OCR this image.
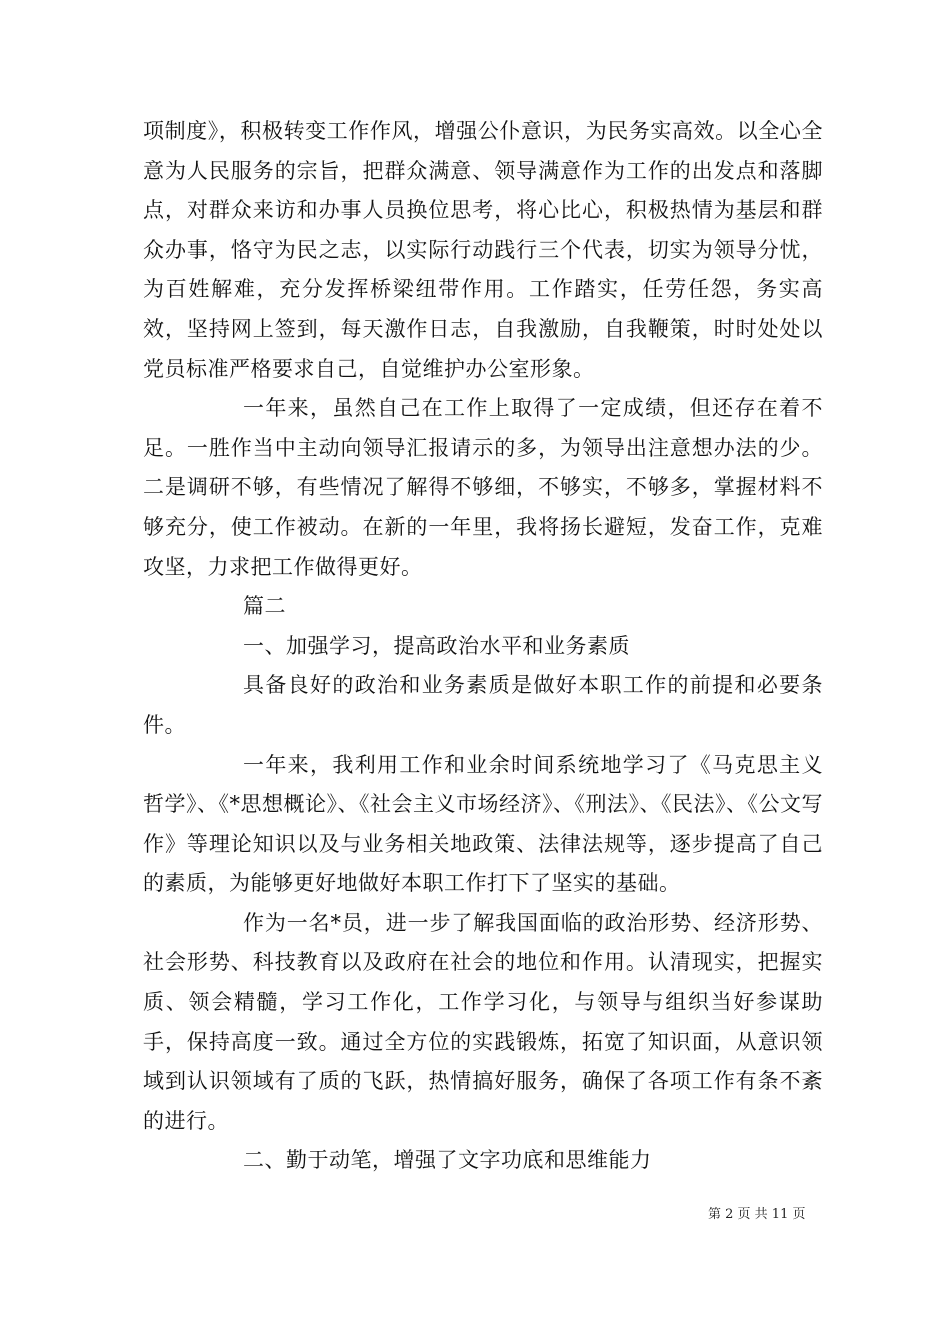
项制度》，积极转变工作作风，增强公仆意识，为民务实高效。以全心全意为人民服务的宗旨，把群众满意、领导满意作为工作的出发点和落脚点，对群众来访和办事人员换位思考，将心比心，积极热情为基层和群众办事，恪守为民之志，以实际行动践行三个代表，切实为领导分忧，为百姓解难，充分发挥桥梁纽带作用。工作踏实，任劳任怨，务实高效，坚持网上签到，每天激作日志，自我激励，自我鞭策，时时处处以党员标准严格要求自己，自觉维护办公室形象。

一年来，虽然自己在工作上取得了一定成绩，但还存在着不足。一胜作当中主动向领导汇报请示的多，为领导出注意想办法的少。二是调研不够，有些情况了解得不够细，不够实，不够多，掌握材料不够充分，使工作被动。在新的一年里，我将扬长避短，发奋工作，克难攻坚，力求把工作做得更好。

篇二

一、加强学习，提高政治水平和业务素质

具备良好的政治和业务素质是做好本职工作的前提和必要条件。

一年来，我利用工作和业余时间系统地学习了《马克思主义哲学》、《*思想概论》、《社会主义市场经济》、《刑法》、《民法》、《公文写作》等理论知识以及与业务相关地政策、法律法规等，逐步提高了自己的素质，为能够更好地做好本职工作打下了坚实的基础。

作为一名*员，进一步了解我国面临的政治形势、经济形势、社会形势、科技教育以及政府在社会的地位和作用。认清现实，把握实质、领会精髓，学习工作化，工作学习化，与领导与组织当好参谋助手，保持高度一致。通过全方位的实践锻炼，拓宽了知识面，从意识领域到认识领域有了质的飞跃，热情搞好服务，确保了各项工作有条不紊的进行。

二、勤于动笔，增强了文字功底和思维能力

第 2 页 共 11 页
